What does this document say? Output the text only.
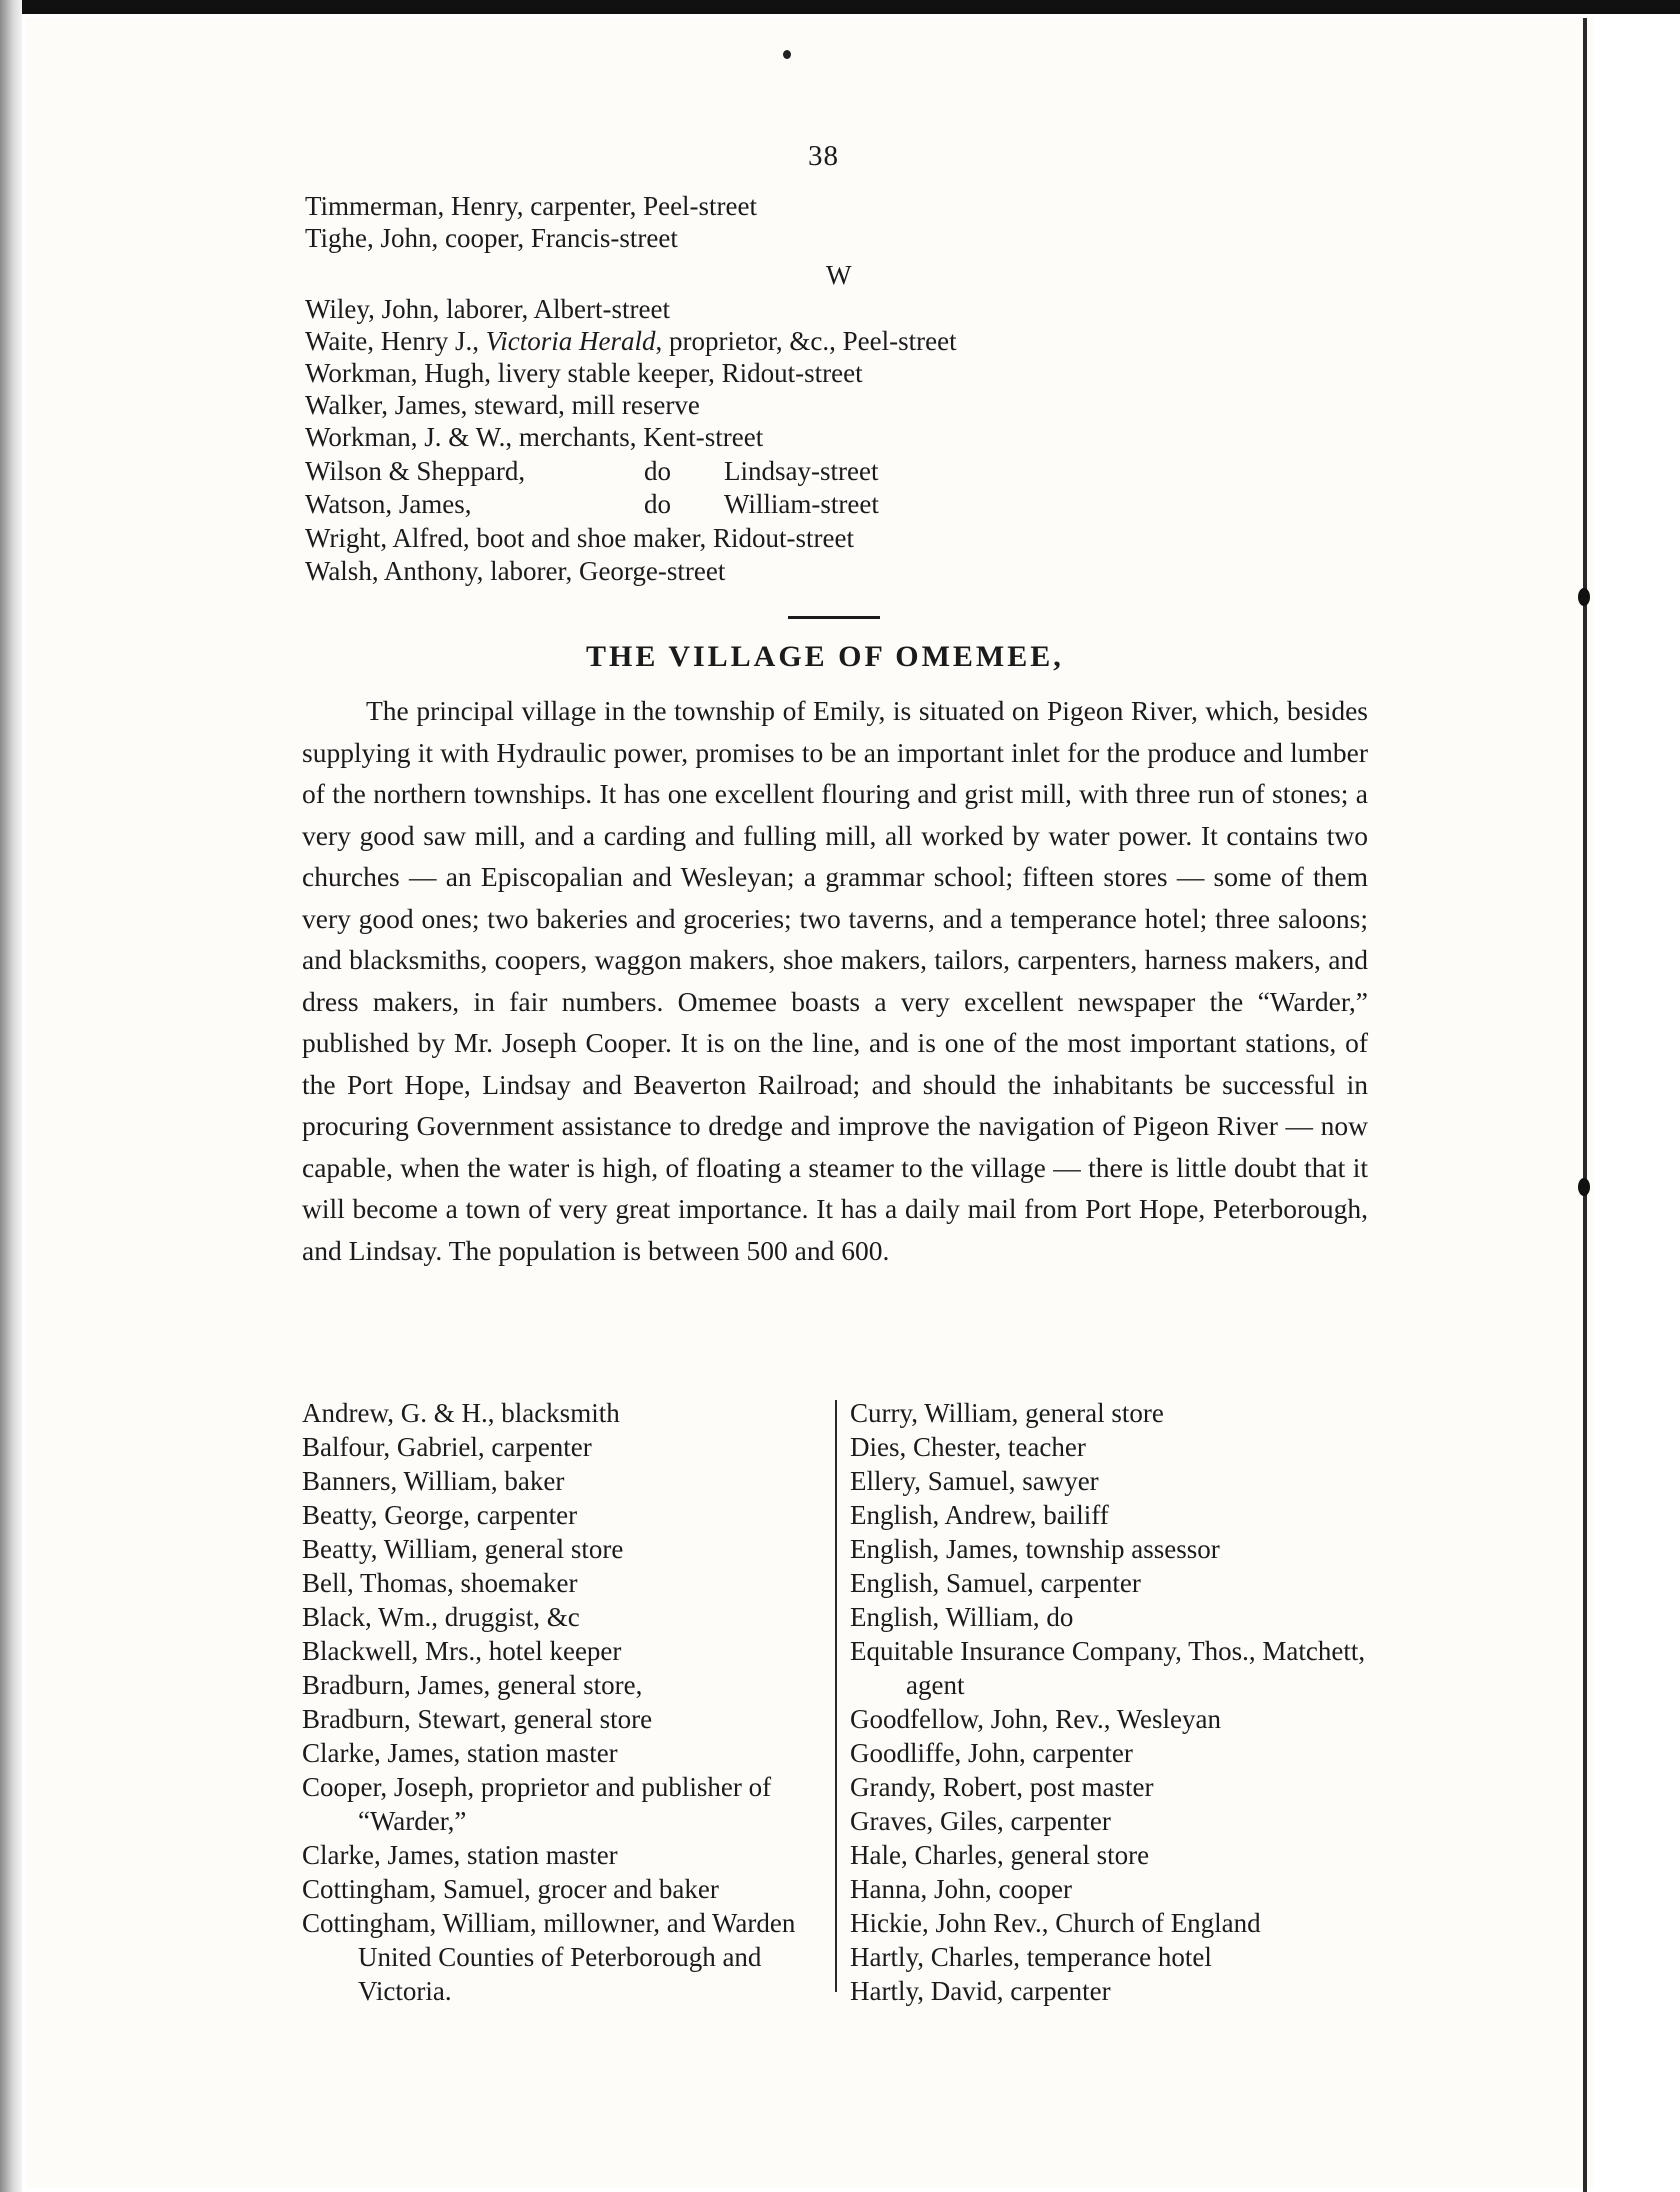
38
Timmerman, Henry, carpenter, Peel-street
Tighe, John, cooper, Francis-street
W
Wiley, John, laborer, Albert-street
Waite, Henry J., Victoria Herald, proprietor, &c., Peel-street
Workman, Hugh, livery stable keeper, Ridout-street
Walker, James, steward, mill reserve
Workman, J. & W., merchants, Kent-street
Wilson & Sheppard,	do Lindsay-street
Watson, James,	do William-street
Wright, Alfred, boot and shoe maker, Ridout-street
Walsh, Anthony, laborer, George-street
THE VILLAGE OF OMEMEE,

The principal village in the township of Emily, is situated on Pigeon River, which, besides supplying it with Hydraulic power, promises to be an important inlet for the produce and lumber of the northern townships. It has one excellent flouring and grist mill, with three run of stones; a very good saw mill, and a carding and fulling mill, all worked by water power. It contains two churches — an Episcopalian and Wesleyan; a grammar school; fifteen stores — some of them very good ones; two bakeries and groceries; two taverns, and a temperance hotel; three saloons; and blacksmiths, coopers, waggon makers, shoe makers, tailors, carpenters, harness makers, and dress makers, in fair numbers. Omemee boasts a very excellent newspaper the “Warder,” published by Mr. Joseph Cooper. It is on the line, and is one of the most important stations, of the Port Hope, Lindsay and Beaverton Railroad; and should the inhabitants be successful in procuring Government assistance to dredge and improve the navigation of Pigeon River — now capable, when the water is high, of floating a steamer to the village — there is little doubt that it will become a town of very great importance. It has a daily mail from Port Hope, Peterborough, and Lindsay. The population is between 500 and 600.

Andrew, G. & H., blacksmith
Balfour, Gabriel, carpenter
Banners, William, baker
Beatty, George, carpenter
Beatty, William, general store
Bell, Thomas, shoemaker
Black, Wm., druggist, &c
Blackwell, Mrs., hotel keeper
Bradburn, James, general store,
Bradburn, Stewart, general store
Clarke, James, station master
Cooper, Joseph, proprietor and publisher of “Warder,”
Clarke, James, station master
Cottingham, Samuel, grocer and baker
Cottingham, William, millowner, and Warden United Counties of Peterborough and Victoria.
Curry, William, general store
Dies, Chester, teacher
Ellery, Samuel, sawyer
English, Andrew, bailiff
English, James, township assessor
English, Samuel, carpenter
English, William, do
Equitable Insurance Company, Thos., Matchett, agent
Goodfellow, John, Rev., Wesleyan
Goodliffe, John, carpenter
Grandy, Robert, post master
Graves, Giles, carpenter
Hale, Charles, general store
Hanna, John, cooper
Hickie, John Rev., Church of England
Hartly, Charles, temperance hotel
Hartly, David, carpenter
